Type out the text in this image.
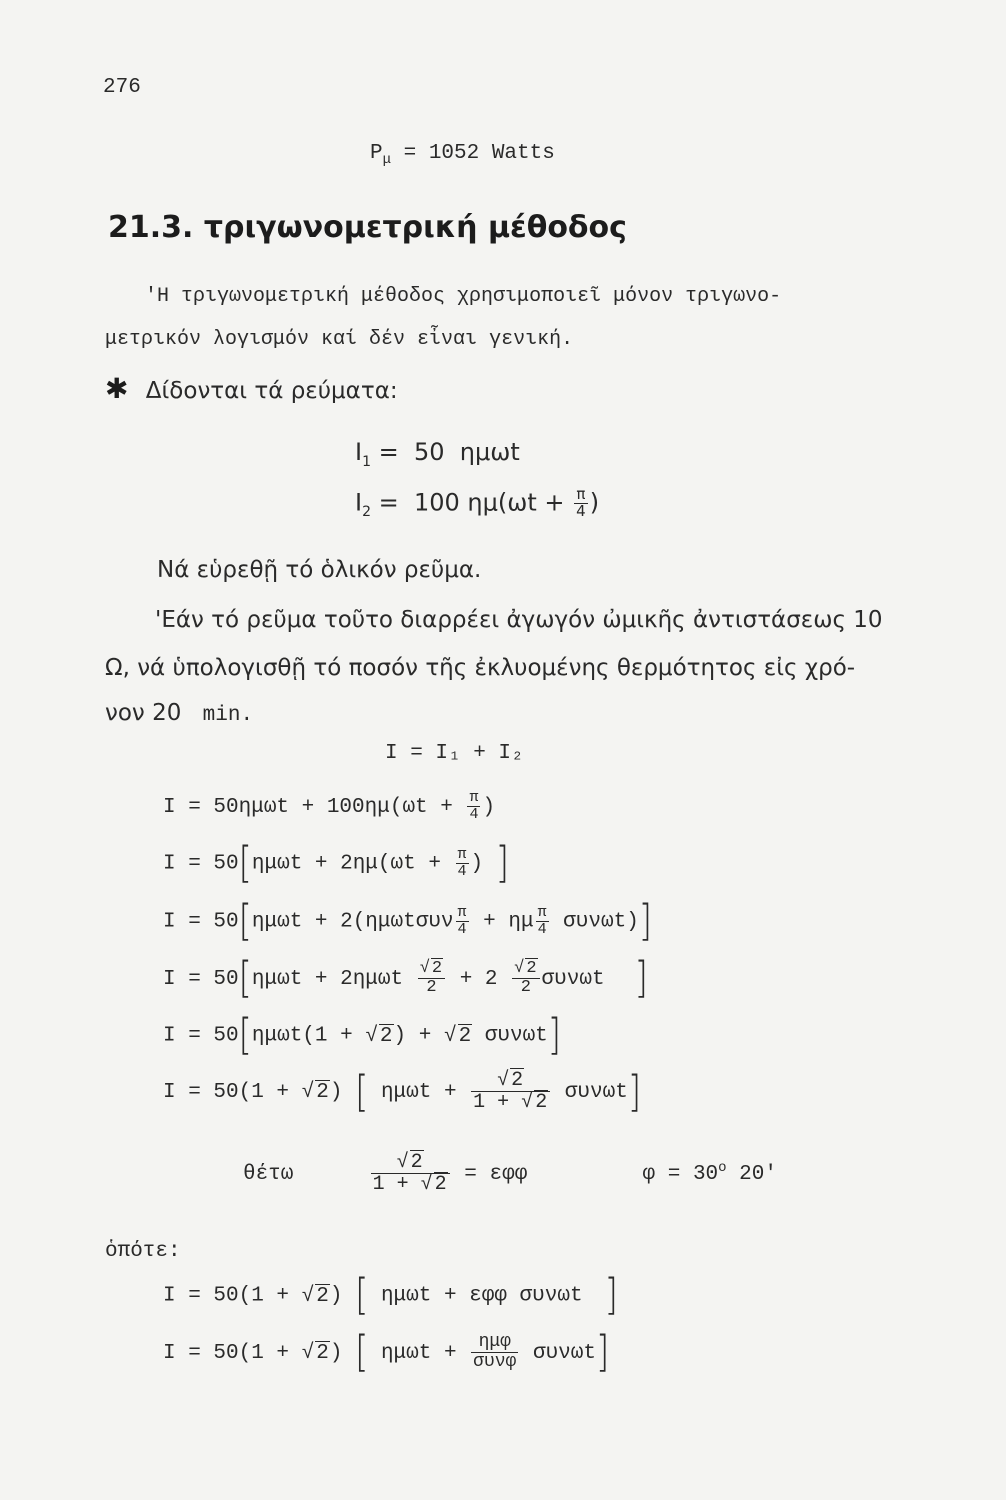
276
$P_\mu = 1052$ Watts
21.3. τριγωνομετρική μέθοδος
'Η τριγωνομετρική μέθοδος χρησιμοποιεῖ μόνον τριγωνο-
μετρικόν λογισμόν καί δέν εἶναι γενική.
✱ Δίδονται τά ρεύματα:
$I_1 = 50$  ημωt
$I_2 = 100$ $\eta\mu(\omega t + \frac{\pi}{4}$ )
Νά εὑρεθῇ τό ὁλικόν ρεῦμα.
'Εάν τό ρεῦμα τοῦτο διαρρέει ἀγωγόν ὠμικῆς ἀντιστάσεως 10
Ω, νά ὑπολογισθῇ τό ποσόν τῆς ἐκλυομένης θερμότητος εἰς χρό-
νον 20 min.
I = I₁ + I₂
$I = 50\eta\mu\omega t + 100\eta\mu(\omega t + \frac{\pi}{4}$ )
$I = 50[\eta\mu\omega t + 2\eta\mu(\omega t + \frac{\pi}{4}$ ) ]
$I = 50[\eta\mu\omega t + 2(\eta\mu\omega t\sigma\upsilon\nu \frac{\pi}{4} + \eta\mu \frac{\pi}{4} \sigma\upsilon\nu\omega t)]$
$I = 50[\eta\mu\omega t + 2\eta\mu\omega t \frac{√ 2}{2} + 2 \frac{√ 2}{2}$ συνωt ]
I = 50[ημωt(1 + √2) + √2 συνωt]
I = 50(1 + √2) [ $\eta\mu\omega t + \frac{√ 2}{1 + √ 2} \sigma\upsilon\nu\omega t$]
θέτω	$\frac{√ 2}{1 + √ 2} = \varepsilon\varphi\varphi$	$\varphi = 30^o$ 20'
ὁπότε:
I = 50(1 + √2) [ ημωt + εφφ συνωt ]
I = 50(1 + √2) [ $\eta\mu\omega t + \frac{\text{ημφ}}{\text{συνφ}} \sigma\upsilon\nu\omega t$]
